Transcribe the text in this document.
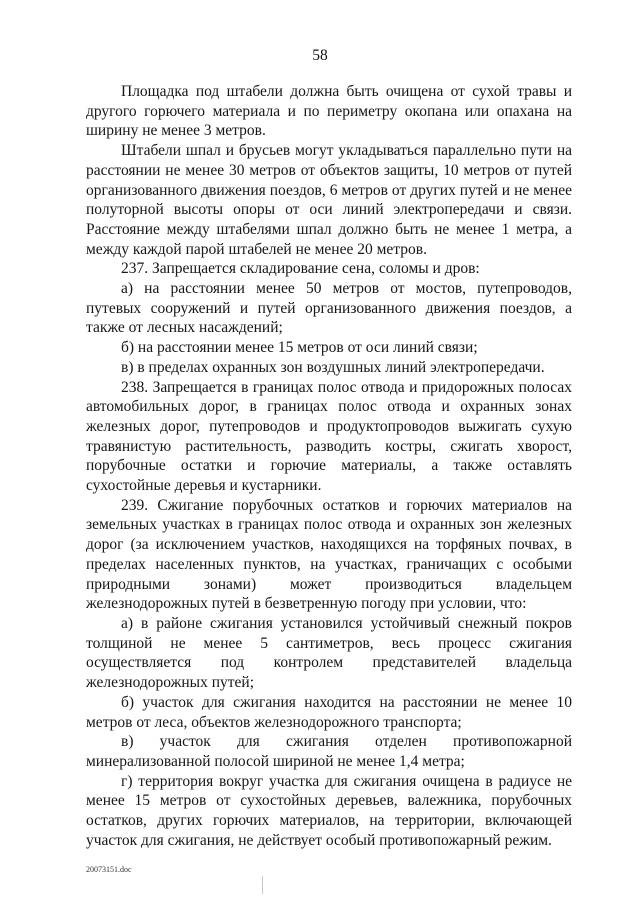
58

Площадка под штабели должна быть очищена от сухой травы и другого горючего материала и по периметру окопана или опахана на ширину не менее 3 метров.

Штабели шпал и брусьев могут укладываться параллельно пути на расстоянии не менее 30 метров от объектов защиты, 10 метров от путей организованного движения поездов, 6 метров от других путей и не менее полуторной высоты опоры от оси линий электропередачи и связи. Расстояние между штабелями шпал должно быть не менее 1 метра, а между каждой парой штабелей не менее 20 метров.

237. Запрещается складирование сена, соломы и дров:

а) на расстоянии менее 50 метров от мостов, путепроводов, путевых сооружений и путей организованного движения поездов, а также от лесных насаждений;

б) на расстоянии менее 15 метров от оси линий связи;

в) в пределах охранных зон воздушных линий электропередачи.

238. Запрещается в границах полос отвода и придорожных полосах автомобильных дорог, в границах полос отвода и охранных зонах железных дорог, путепроводов и продуктопроводов выжигать сухую травянистую растительность, разводить костры, сжигать хворост, порубочные остатки и горючие материалы, а также оставлять сухостойные деревья и кустарники.

239. Сжигание порубочных остатков и горючих материалов на земельных участках в границах полос отвода и охранных зон железных дорог (за исключением участков, находящихся на торфяных почвах, в пределах населенных пунктов, на участках, граничащих с особыми природными зонами) может производиться владельцем железнодорожных путей в безветренную погоду при условии, что:

а) в районе сжигания установился устойчивый снежный покров толщиной не менее 5 сантиметров, весь процесс сжигания осуществляется под контролем представителей владельца железнодорожных путей;

б) участок для сжигания находится на расстоянии не менее 10 метров от леса, объектов железнодорожного транспорта;

в) участок для сжигания отделен противопожарной минерализованной полосой шириной не менее 1,4 метра;

г) территория вокруг участка для сжигания очищена в радиусе не менее 15 метров от сухостойных деревьев, валежника, порубочных остатков, других горючих материалов, на территории, включающей участок для сжигания, не действует особый противопожарный режим.

20073151.doc
